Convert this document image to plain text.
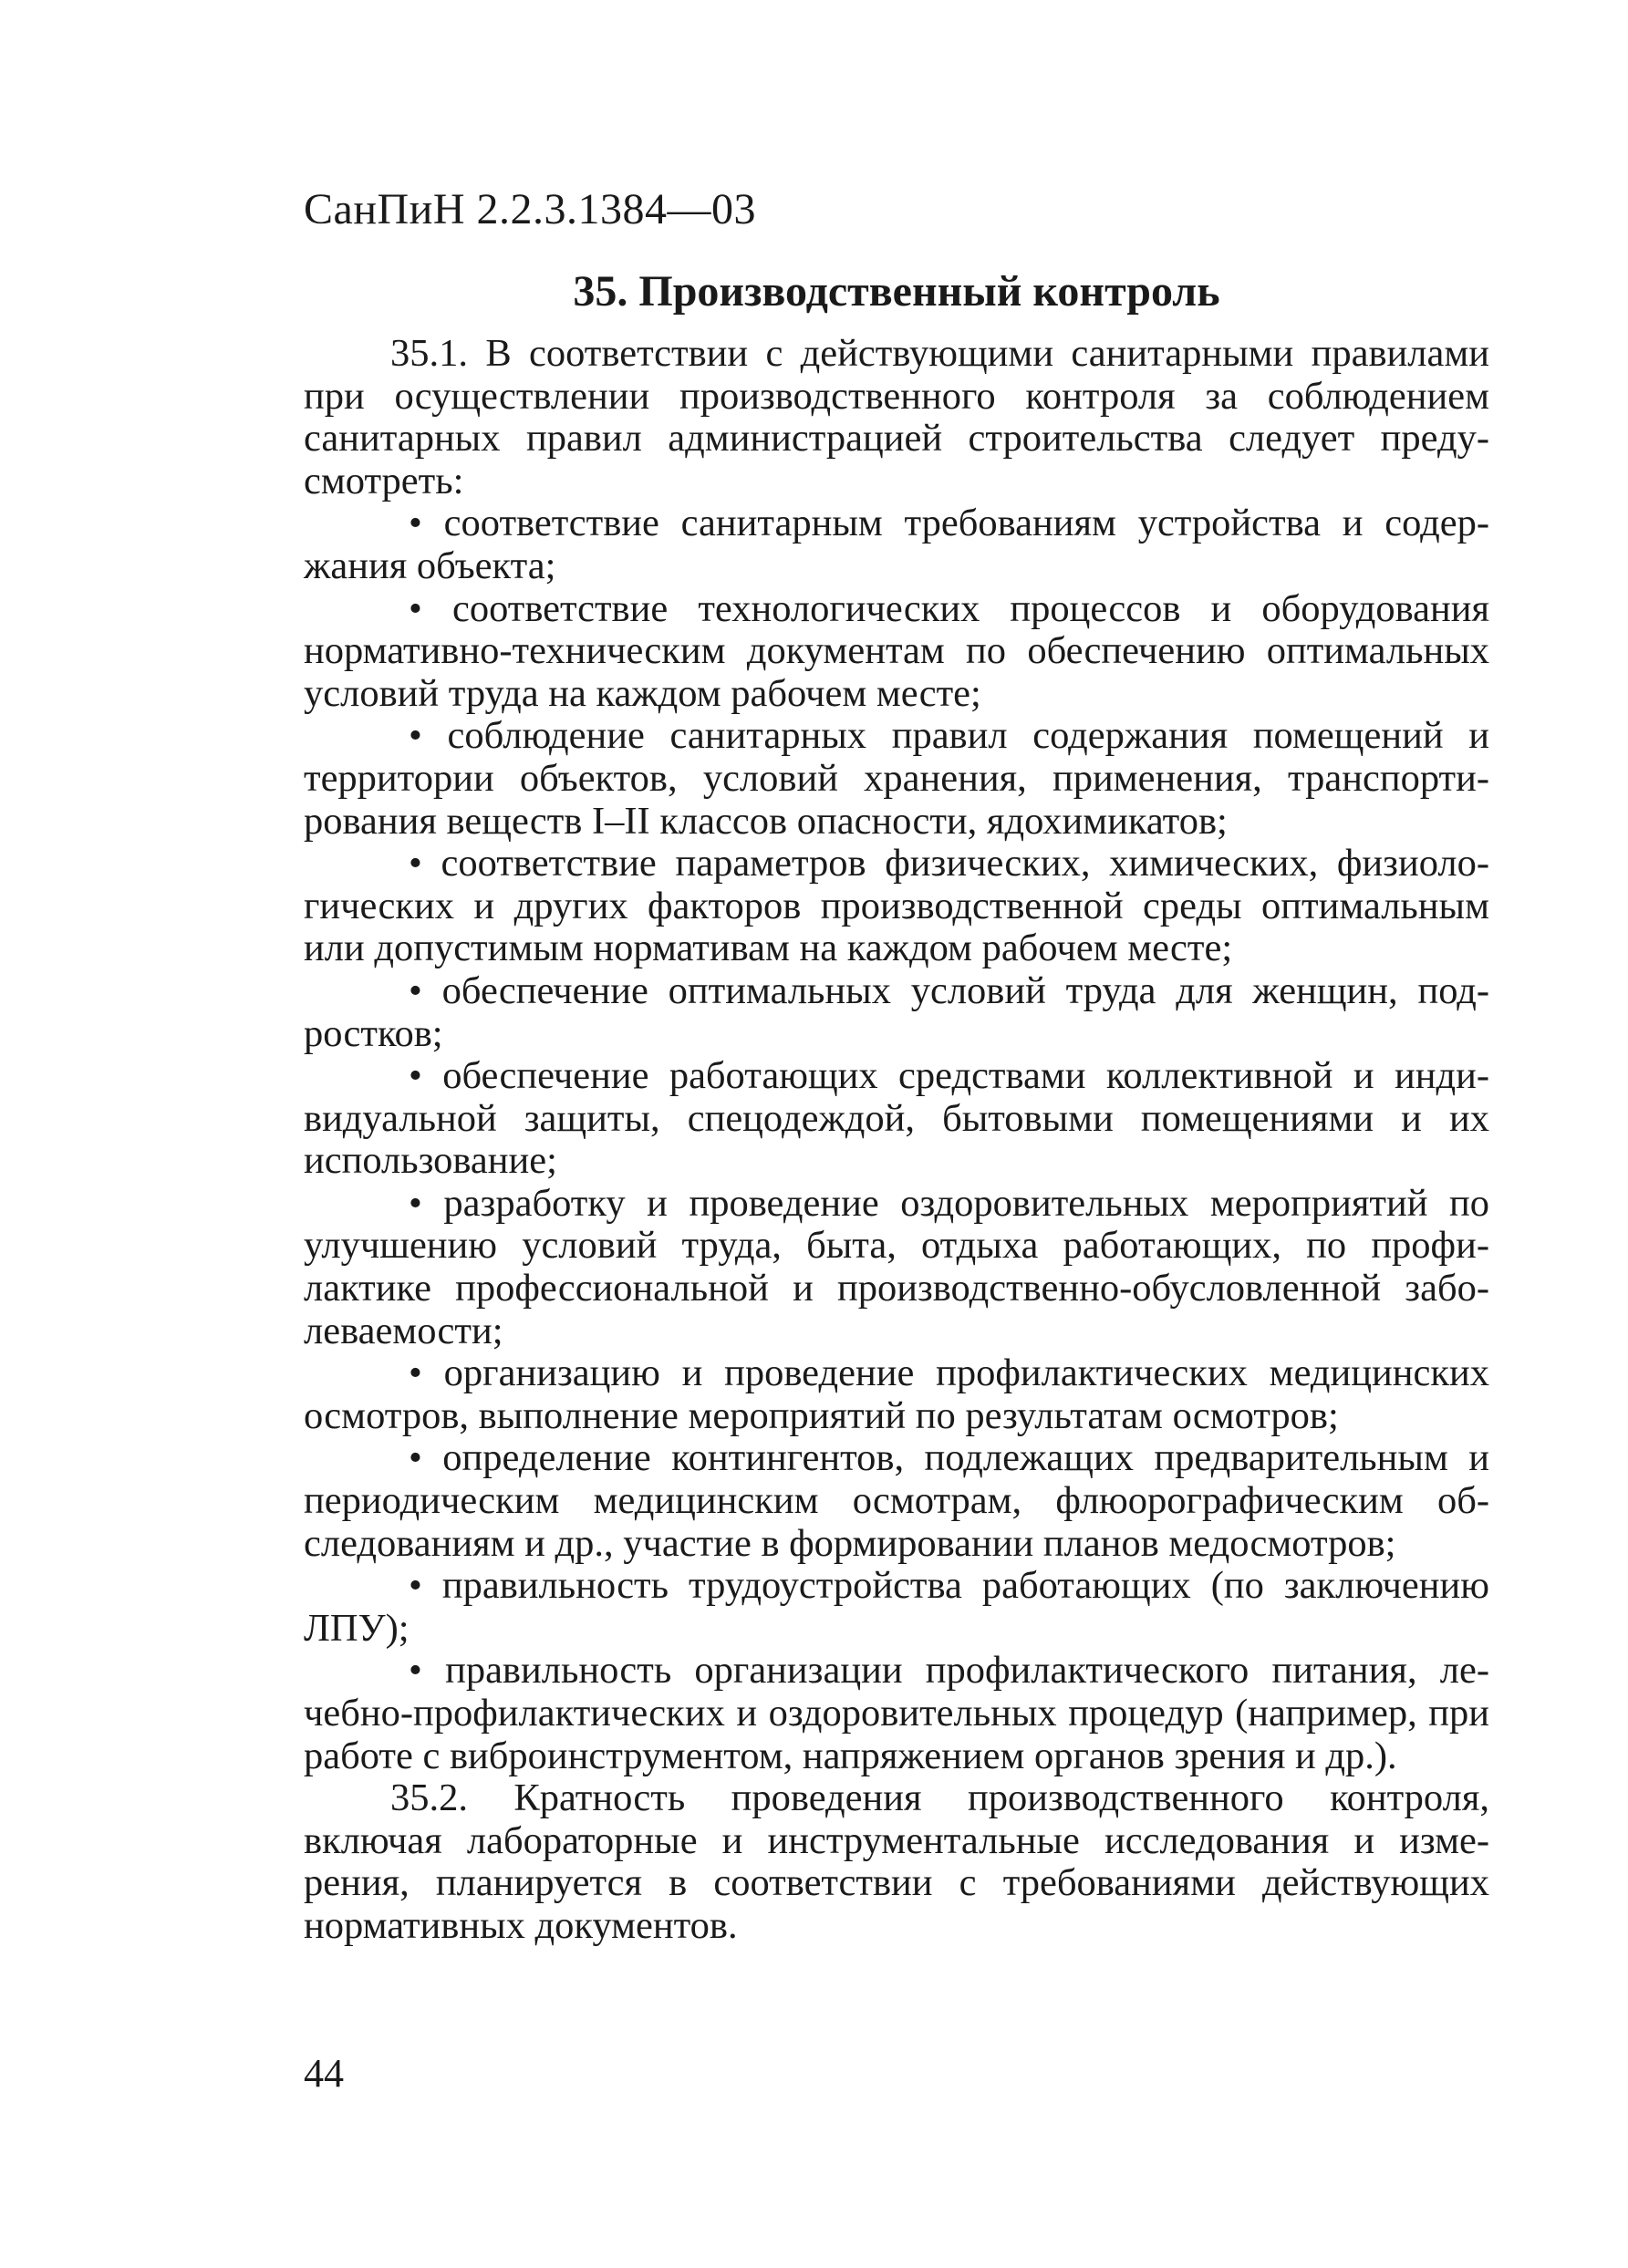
СанПиН 2.2.3.1384—03
35. Производственный контроль

35.1. В соответствии с действующими санитарными правилами при осуществлении производственного контроля за соблюдением санитарных правил администрацией строительства следует предусмотреть:

• соответствие санитарным требованиям устройства и содержания объекта;

• соответствие технологических процессов и оборудования нормативно-техническим документам по обеспечению оптимальных условий труда на каждом рабочем месте;

• соблюдение санитарных правил содержания помещений и территории объектов, условий хранения, применения, транспортирования веществ I–II классов опасности, ядохимикатов;

• соответствие параметров физических, химических, физиологических и других факторов производственной среды оптимальным или допустимым нормативам на каждом рабочем месте;

• обеспечение оптимальных условий труда для женщин, подростков;

• обеспечение работающих средствами коллективной и индивидуальной защиты, спецодеждой, бытовыми помещениями и их использование;

• разработку и проведение оздоровительных мероприятий по улучшению условий труда, быта, отдыха работающих, по профилактике профессиональной и производственно-обусловленной заболеваемости;

• организацию и проведение профилактических медицинских осмотров, выполнение мероприятий по результатам осмотров;

• определение контингентов, подлежащих предварительным и периодическим медицинским осмотрам, флюорографическим обследованиям и др., участие в формировании планов медосмотров;

• правильность трудоустройства работающих (по заключению ЛПУ);

• правильность организации профилактического питания, лечебно-профилактических и оздоровительных процедур (например, при работе с виброинструментом, напряжением органов зрения и др.).

35.2. Кратность проведения производственного контроля, включая лабораторные и инструментальные исследования и измерения, планируется в соответствии с требованиями действующих нормативных документов.

44
